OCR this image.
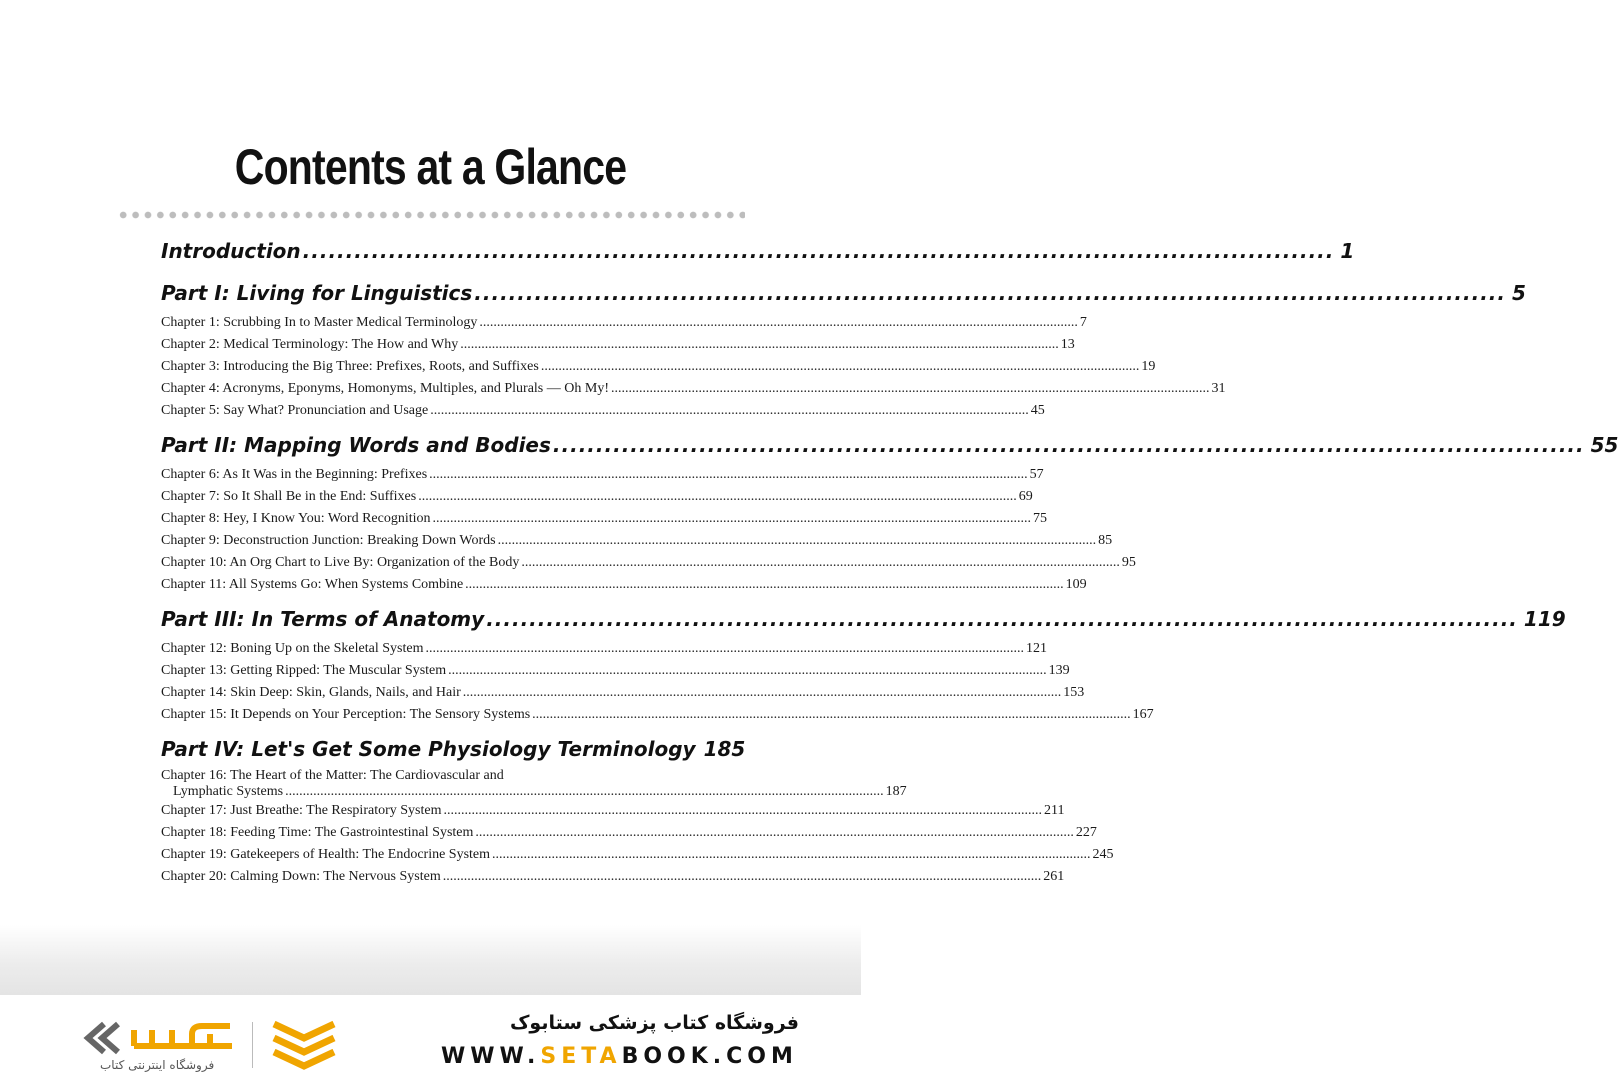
Contents at a Glance
Introduction .....	1
Part I: Living for Linguistics .....	5
Chapter 1: Scrubbing In to Master Medical Terminology .....	7
Chapter 2: Medical Terminology: The How and Why .....	13
Chapter 3: Introducing the Big Three: Prefixes, Roots, and Suffixes .....	19
Chapter 4: Acronyms, Eponyms, Homonyms, Multiples, and Plurals — Oh My! .....	31
Chapter 5: Say What? Pronunciation and Usage .....	45
Part II: Mapping Words and Bodies .....	55
Chapter 6: As It Was in the Beginning: Prefixes .....	57
Chapter 7: So It Shall Be in the End: Suffixes .....	69
Chapter 8: Hey, I Know You: Word Recognition .....	75
Chapter 9: Deconstruction Junction: Breaking Down Words .....	85
Chapter 10: An Org Chart to Live By: Organization of the Body .....	95
Chapter 11: All Systems Go: When Systems Combine .....	109
Part III: In Terms of Anatomy .....	119
Chapter 12: Boning Up on the Skeletal System .....	121
Chapter 13: Getting Ripped: The Muscular System .....	139
Chapter 14: Skin Deep: Skin, Glands, Nails, and Hair .....	153
Chapter 15: It Depends on Your Perception: The Sensory Systems .....	167
Part IV: Let's Get Some Physiology Terminology 185
Chapter 16: The Heart of the Matter: The Cardiovascular and
Lymphatic Systems .....	187
Chapter 17: Just Breathe: The Respiratory System .....	211
Chapter 18: Feeding Time: The Gastrointestinal System .....	227
Chapter 19: Gatekeepers of Health: The Endocrine System .....	245
Chapter 20: Calming Down: The Nervous System .....	261
فروشگاه اینترنتی کتاب
فروشگاه کتاب پزشکی ستابوک
WWW.SETABOOK.COM
